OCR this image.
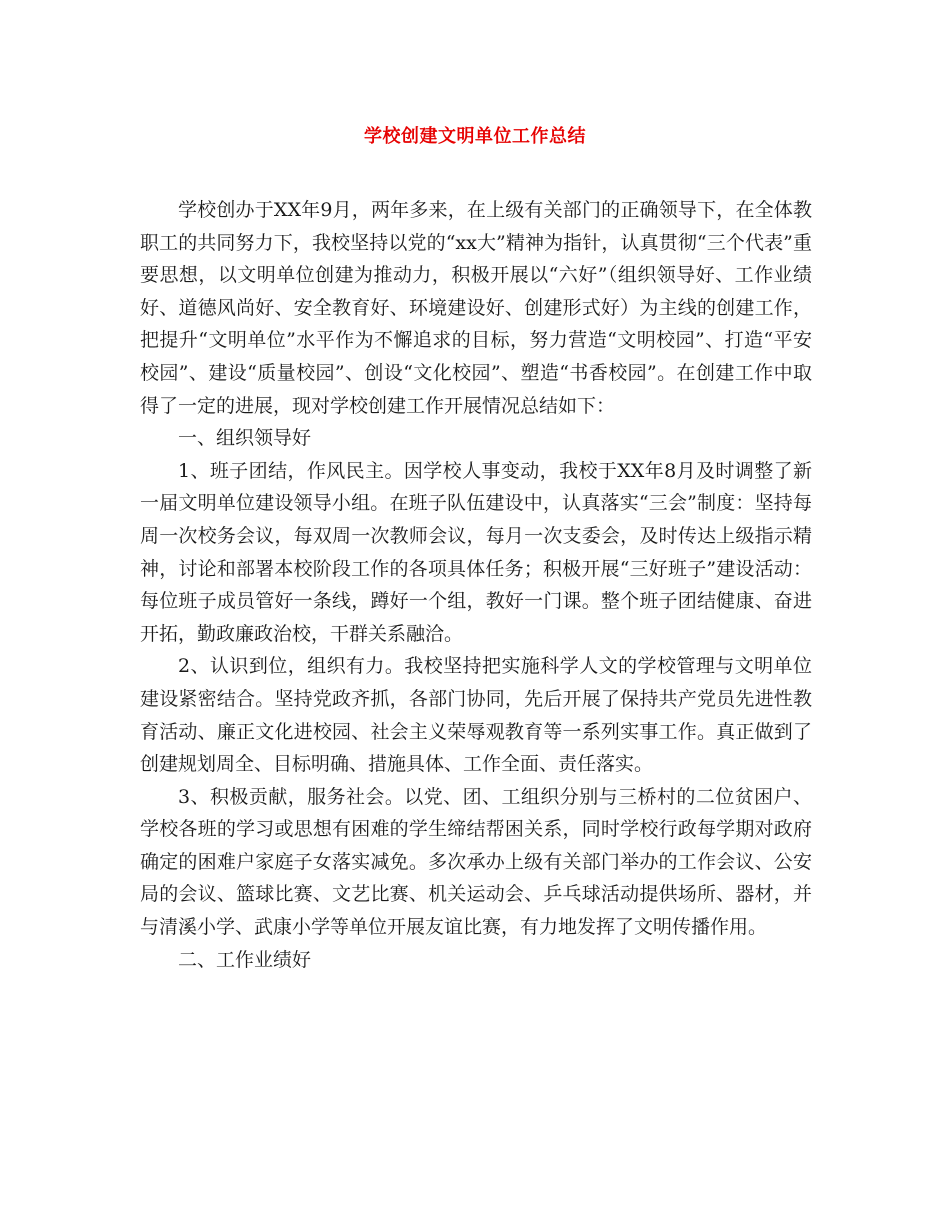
学校创建文明单位工作总结

学校创办于XX年9月，两年多来，在上级有关部门的正确领导下，在全体教职工的共同努力下，我校坚持以党的“xx大”精神为指针，认真贯彻“三个代表”重要思想，以文明单位创建为推动力，积极开展以“六好”（组织领导好、工作业绩好、道德风尚好、安全教育好、环境建设好、创建形式好）为主线的创建工作，把提升“文明单位”水平作为不懈追求的目标，努力营造“文明校园”、打造“平安校园”、建设“质量校园”、创设“文化校园”、塑造“书香校园”。在创建工作中取得了一定的进展，现对学校创建工作开展情况总结如下：

一、组织领导好

1、班子团结，作风民主。因学校人事变动，我校于XX年8月及时调整了新一届文明单位建设领导小组。在班子队伍建设中，认真落实“三会”制度：坚持每周一次校务会议，每双周一次教师会议，每月一次支委会，及时传达上级指示精神，讨论和部署本校阶段工作的各项具体任务；积极开展“三好班子”建设活动：每位班子成员管好一条线，蹲好一个组，教好一门课。整个班子团结健康、奋进开拓，勤政廉政治校，干群关系融洽。

2、认识到位，组织有力。我校坚持把实施科学人文的学校管理与文明单位建设紧密结合。坚持党政齐抓，各部门协同，先后开展了保持共产党员先进性教育活动、廉正文化进校园、社会主义荣辱观教育等一系列实事工作。真正做到了创建规划周全、目标明确、措施具体、工作全面、责任落实。

3、积极贡献，服务社会。以党、团、工组织分别与三桥村的二位贫困户、学校各班的学习或思想有困难的学生缔结帮困关系，同时学校行政每学期对政府确定的困难户家庭子女落实减免。多次承办上级有关部门举办的工作会议、公安局的会议、篮球比赛、文艺比赛、机关运动会、乒乓球活动提供场所、器材，并与清溪小学、武康小学等单位开展友谊比赛，有力地发挥了文明传播作用。

二、工作业绩好
